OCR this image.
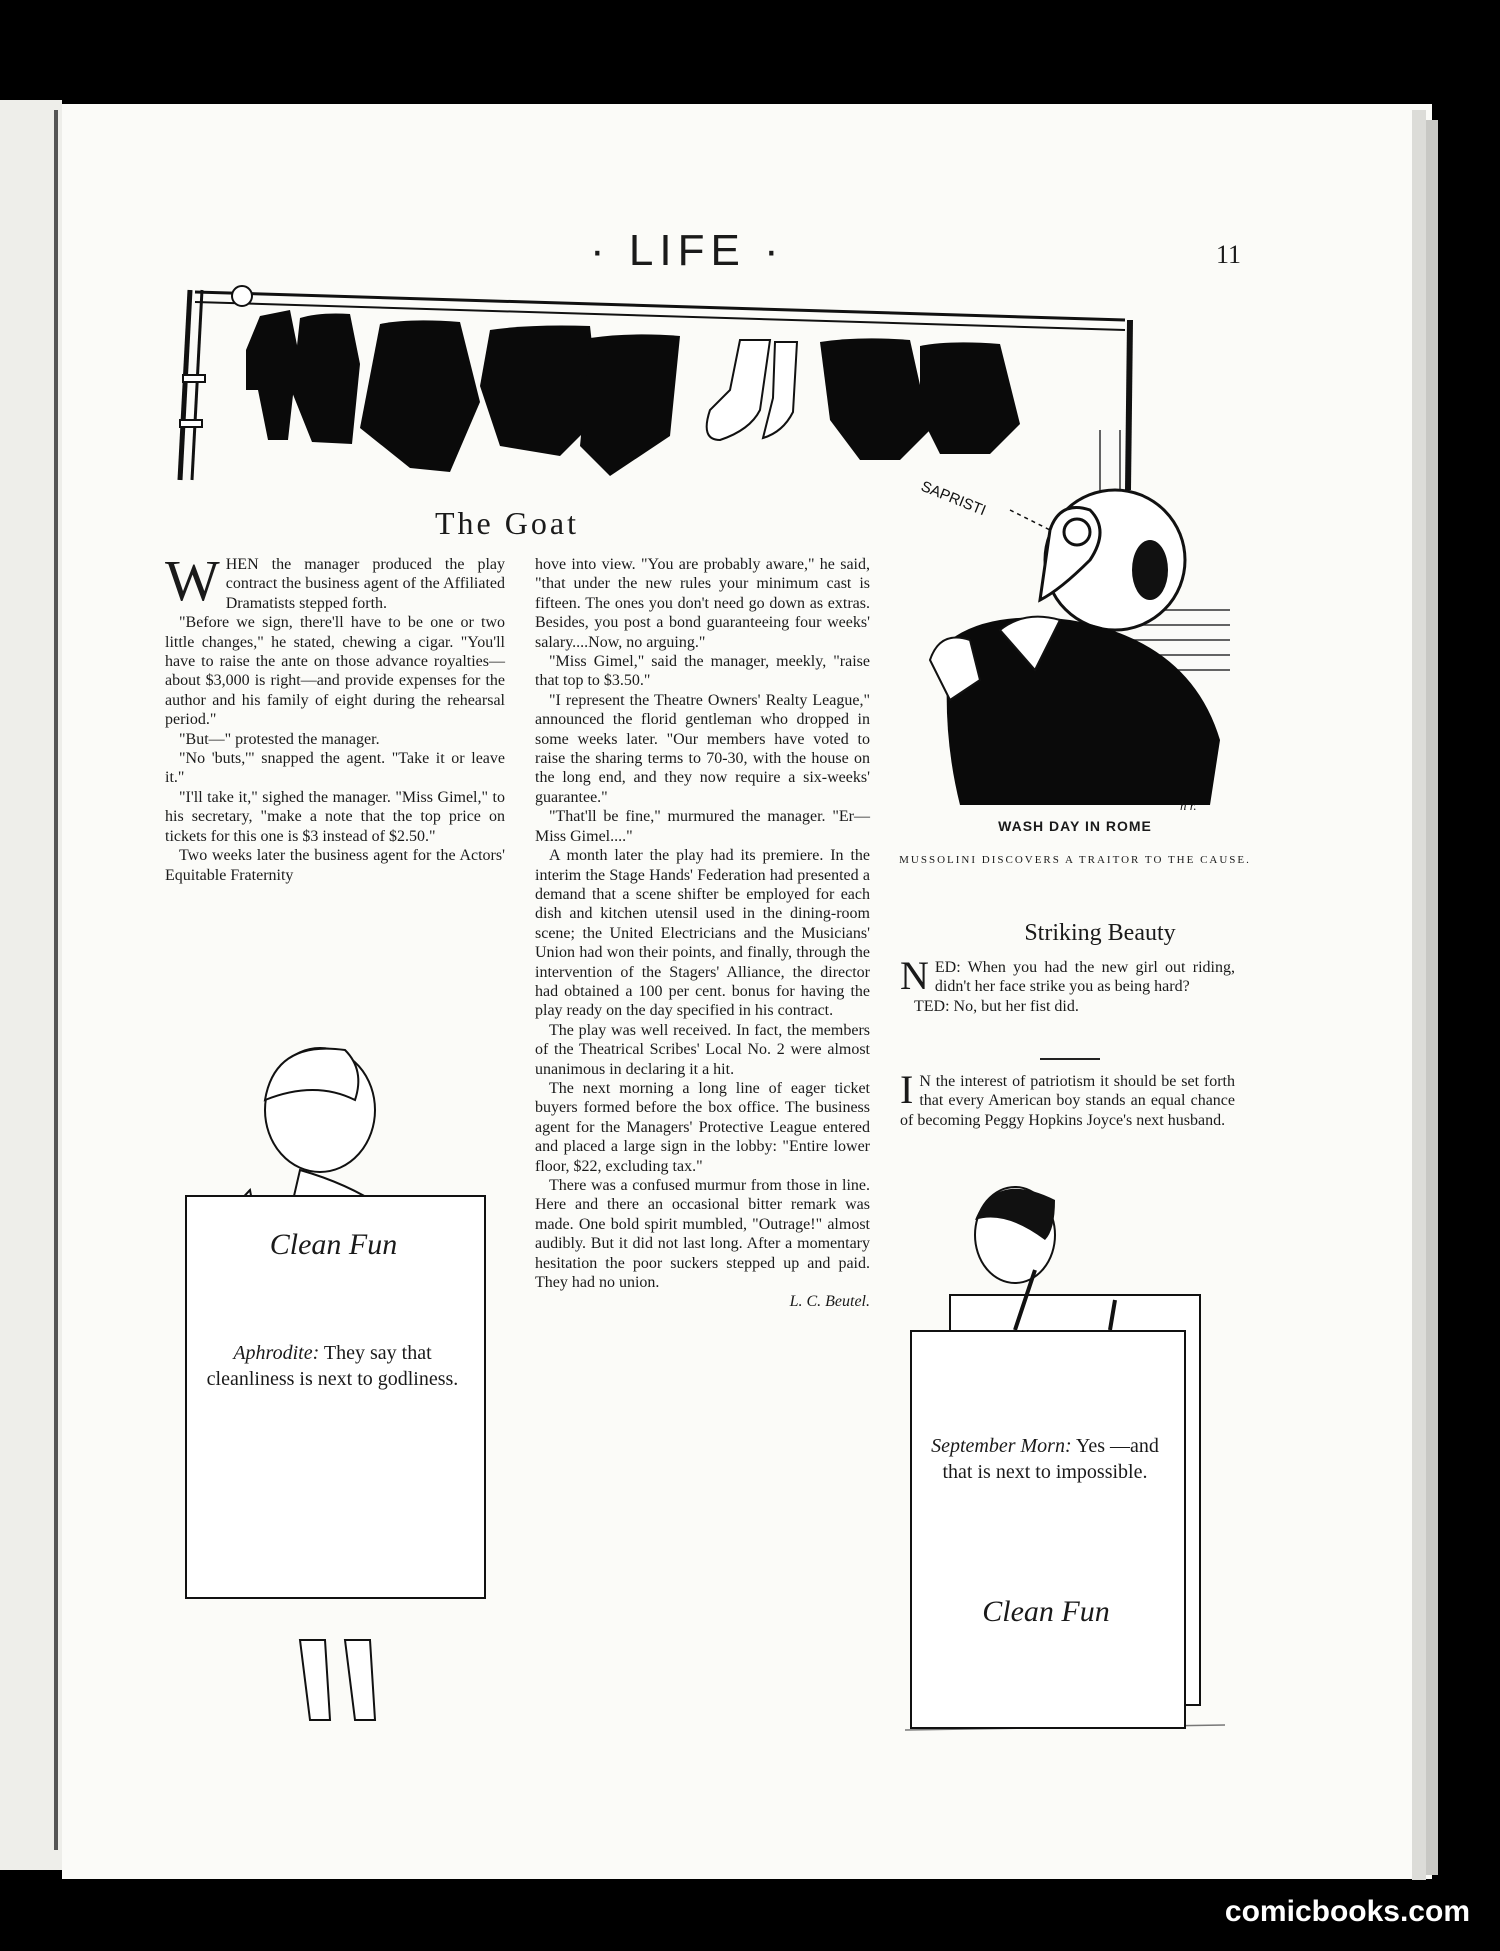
· LIFE ·	11
SAPRISTI
h r.
WASH DAY IN ROME
MUSSOLINI DISCOVERS A TRAITOR TO THE CAUSE.
The Goat

WHEN the manager produced the play contract the business agent of the Affiliated Dramatists stepped forth.

"Before we sign, there'll have to be one or two little changes," he stated, chewing a cigar. "You'll have to raise the ante on those advance royalties—about $3,000 is right—and provide expenses for the author and his family of eight during the rehearsal period."

"But—" protested the manager.

"No 'buts,'" snapped the agent. "Take it or leave it."

"I'll take it," sighed the manager. "Miss Gimel," to his secretary, "make a note that the top price on tickets for this one is $3 instead of $2.50."

Two weeks later the business agent for the Actors' Equitable Fraternity

hove into view. "You are probably aware," he said, "that under the new rules your minimum cast is fifteen. The ones you don't need go down as extras. Besides, you post a bond guaranteeing four weeks' salary....Now, no arguing."

"Miss Gimel," said the manager, meekly, "raise that top to $3.50."

"I represent the Theatre Owners' Realty League," announced the florid gentleman who dropped in some weeks later. "Our members have voted to raise the sharing terms to 70-30, with the house on the long end, and they now require a six-weeks' guarantee."

"That'll be fine," murmured the manager. "Er—Miss Gimel...."

A month later the play had its premiere. In the interim the Stage Hands' Federation had presented a demand that a scene shifter be employed for each dish and kitchen utensil used in the dining-room scene; the United Electricians and the Musicians' Union had won their points, and finally, through the intervention of the Stagers' Alliance, the director had obtained a 100 per cent. bonus for having the play ready on the day specified in his contract.

The play was well received. In fact, the members of the Theatrical Scribes' Local No. 2 were almost unanimous in declaring it a hit.

The next morning a long line of eager ticket buyers formed before the box office. The business agent for the Managers' Protective League entered and placed a large sign in the lobby: "Entire lower floor, $22, excluding tax."

There was a confused murmur from those in line. Here and there an occasional bitter remark was made. One bold spirit mumbled, "Outrage!" almost audibly. But it did not last long. After a momentary hesitation the poor suckers stepped up and paid. They had no union.

L. C. Beutel.
Striking Beauty

NED: When you had the new girl out riding, didn't her face strike you as being hard?

TED: No, but her fist did.

I N the interest of patriotism it should be set forth that every American boy stands an equal chance of becoming Peggy Hopkins Joyce's next husband.

Clean Fun
Aphrodite: They say that cleanliness is next to godliness.
September Morn: Yes —and that is next to impossible.
Clean Fun
comicbooks.com
